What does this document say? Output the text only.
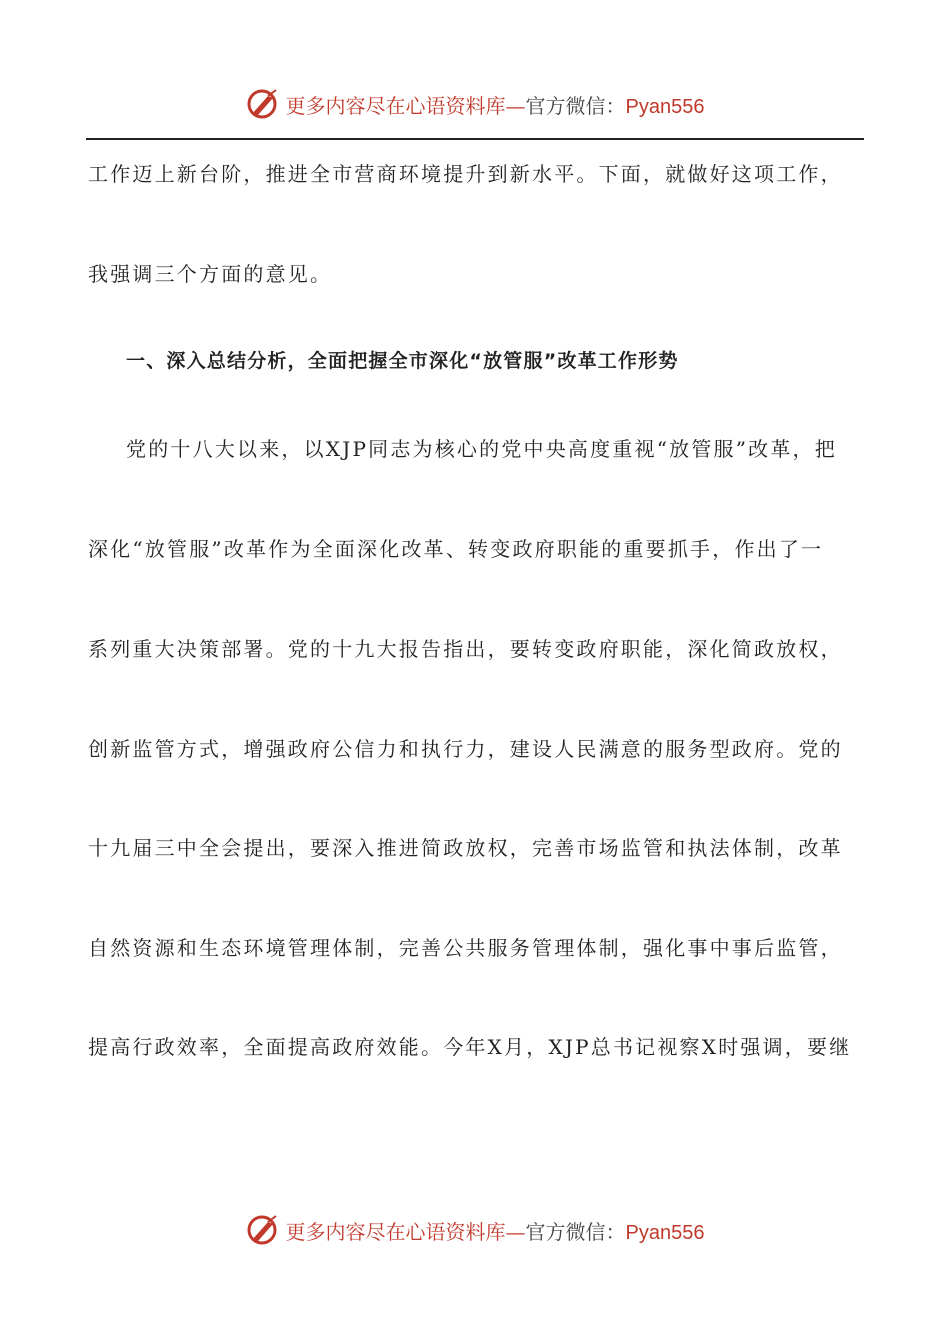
更多内容尽在心语资料库—官方微信：Pyan556
工作迈上新台阶，推进全市营商环境提升到新水平。下面，就做好这项工作，
我强调三个方面的意见。
一、深入总结分析，全面把握全市深化“放管服”改革工作形势
党的十八大以来，以XJP同志为核心的党中央高度重视“放管服”改革，把
深化“放管服”改革作为全面深化改革、转变政府职能的重要抓手，作出了一
系列重大决策部署。党的十九大报告指出，要转变政府职能，深化简政放权，
创新监管方式，增强政府公信力和执行力，建设人民满意的服务型政府。党的
十九届三中全会提出，要深入推进简政放权，完善市场监管和执法体制，改革
自然资源和生态环境管理体制，完善公共服务管理体制，强化事中事后监管，
提高行政效率，全面提高政府效能。今年X月，XJP总书记视察X时强调，要继
更多内容尽在心语资料库—官方微信：Pyan556
